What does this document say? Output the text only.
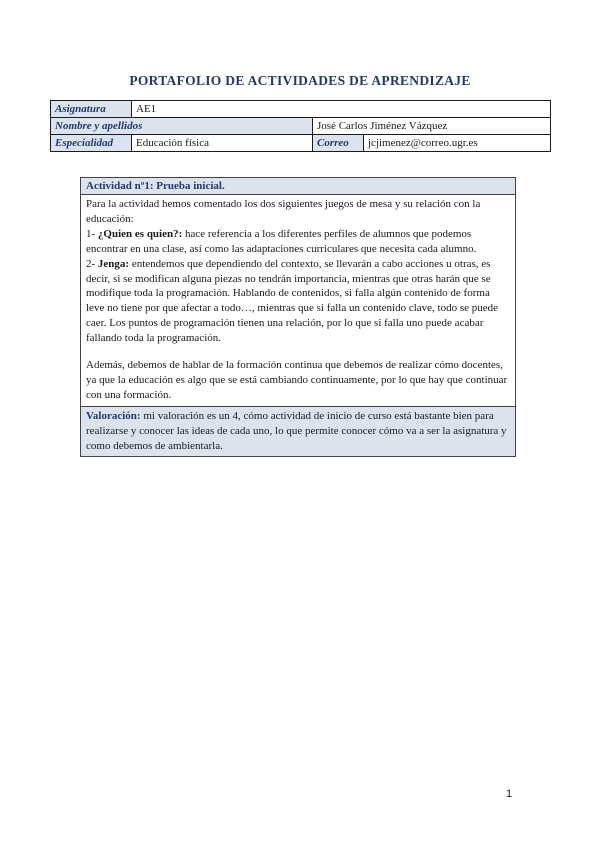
PORTAFOLIO DE ACTIVIDADES DE APRENDIZAJE
Asignatura	AE1		
Nombre y apellidos		José Carlos Jiménez Vázquez	
Especialidad	Educación física	Correo	jcjimenez@correo.ugr.es
Actividad nº1: Prueba inicial.

Para la actividad hemos comentado los dos siguientes juegos de mesa y su relación con la educación:

1- ¿Quien es quien?: hace referencia a los diferentes perfiles de alumnos que podemos encontrar en una clase, así como las adaptaciones curriculares que necesita cada alumno.

2- Jenga: entendemos que dependiendo del contexto, se llevarán a cabo acciones u otras, es decir, si se modifican alguna piezas no tendrán importancia, mientras que otras harán que se modifique toda la programación. Hablando de contenidos, si falla algún contenido de forma leve no tiene por que afectar a todo…, mientras que si falla un contenido clave, todo se puede caer. Los puntos de programación tienen una relación, por lo que si falla uno puede acabar fallando toda la programación.

Además, debemos de hablar de la formación continua que debemos de realizar cómo docentes, ya que la educación es algo que se está cambiando continuamente, por lo que hay que continuar con una formación.

Valoración: mi valoración es un 4, cómo actividad de inicio de curso está bastante bien para realizarse y conocer las ideas de cada uno, lo que permite conocer cómo va a ser la asignatura y como debemos de ambientarla.
1
